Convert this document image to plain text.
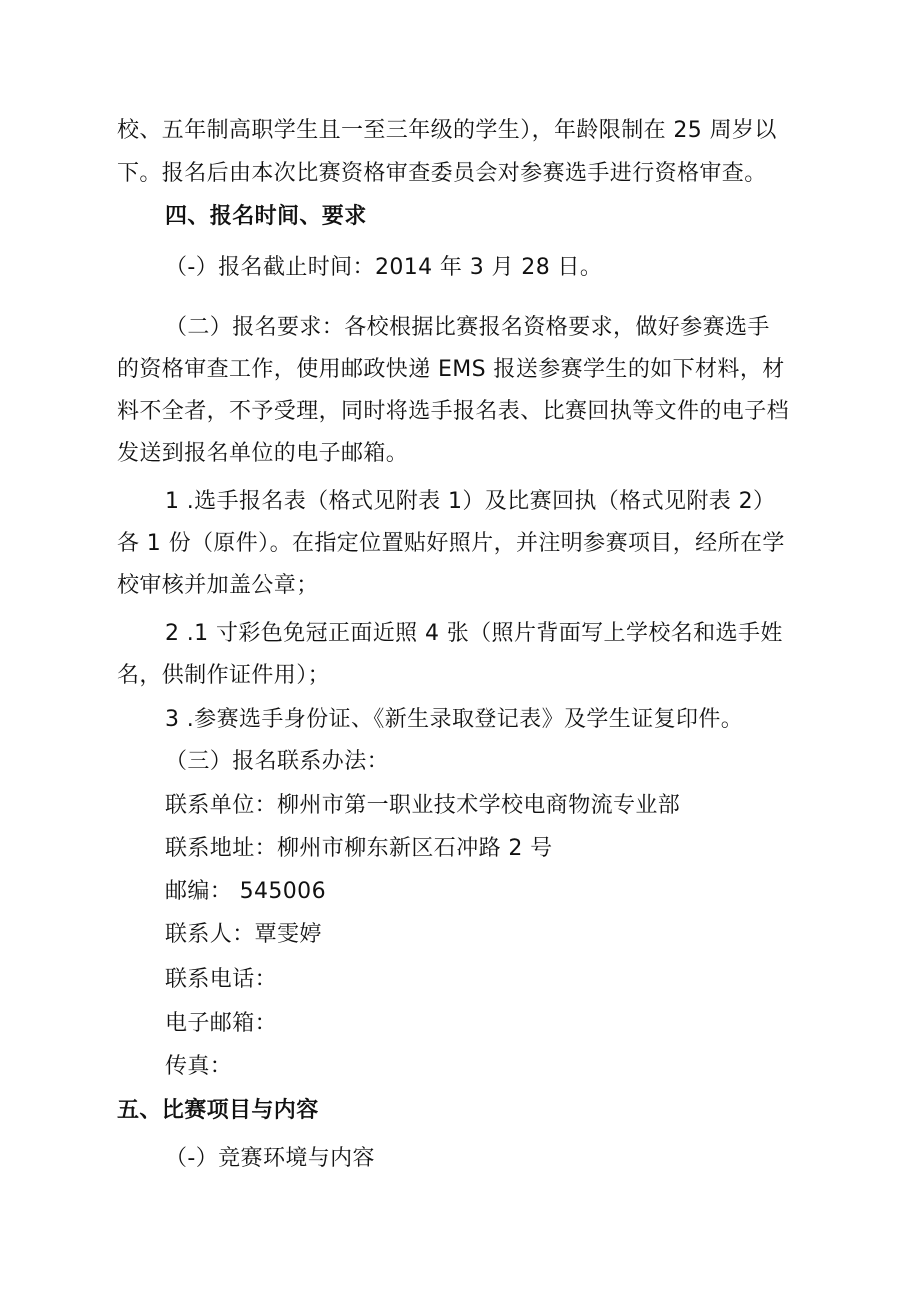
校、五年制高职学生且一至三年级的学生），年龄限制在 25 周岁以
下。报名后由本次比赛资格审查委员会对参赛选手进行资格审查。
四、报名时间、要求
（-）报名截止时间：2014 年 3 月 28 日。
（二）报名要求：各校根据比赛报名资格要求，做好参赛选手
的资格审查工作，使用邮政快递 EMS 报送参赛学生的如下材料，材
料不全者，不予受理，同时将选手报名表、比赛回执等文件的电子档
发送到报名单位的电子邮箱。
1 .选手报名表（格式见附表 1）及比赛回执（格式见附表 2）
各 1 份（原件）。在指定位置贴好照片，并注明参赛项目，经所在学
校审核并加盖公章；
2 .1 寸彩色免冠正面近照 4 张（照片背面写上学校名和选手姓
名，供制作证件用）；
3 .参赛选手身份证、《新生录取登记表》及学生证复印件。
（三）报名联系办法：
联系单位：柳州市第一职业技术学校电商物流专业部
联系地址：柳州市柳东新区石冲路 2 号
邮编： 545006
联系人：覃雯婷
联系电话：
电子邮箱：
传真：
五、比赛项目与内容
（-）竞赛环境与内容
